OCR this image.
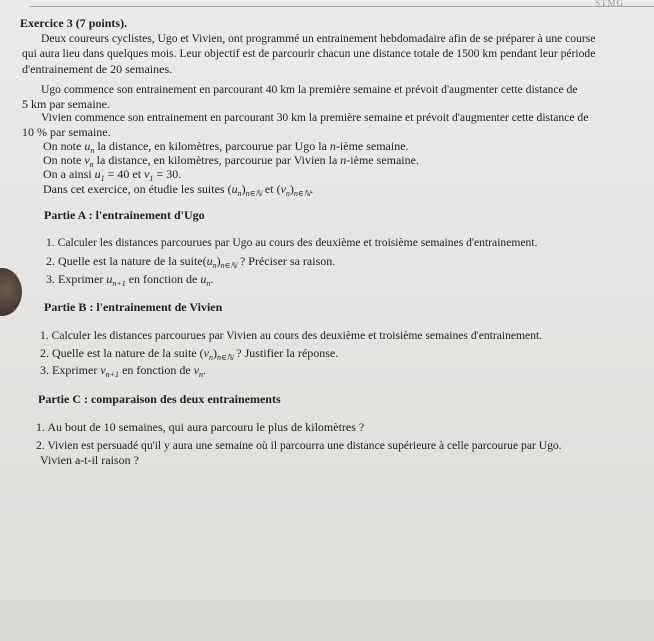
STMG
Exercice 3 (7 points).
Deux coureurs cyclistes, Ugo et Vivien, ont programmé un entrainement hebdomadaire afin de se préparer à une course
qui aura lieu dans quelques mois. Leur objectif est de parcourir chacun une distance totale de 1500 km pendant leur période
d'entrainement de 20 semaines.
Ugo commence son entrainement en parcourant 40 km la première semaine et prévoit d'augmenter cette distance de
5 km par semaine.
Vivien commence son entrainement en parcourant 30 km la première semaine et prévoit d'augmenter cette distance de
10 % par semaine.
On note $u_n$ la distance, en kilomètres, parcourue par Ugo la n-ième semaine.
On note $v_n$ la distance, en kilomètres, parcourue par Vivien la n-ième semaine.
On a ainsi $u_1 = 40$ et $v_1 = 30$.
Dans cet exercice, on étudie les suites $(u_n)_{n\in ℕ}$ et $(v_n)_{n\in ℕ}$.
Partie A : l'entrainement d'Ugo
1. Calculer les distances parcourues par Ugo au cours des deuxième et troisième semaines d'entrainement.
2. Quelle est la nature de la $suite(u_n)_{n\in ℕ}$ ? Préciser sa raison.
3. Exprimer $u_{n+1}$ en fonction de $u_n$.
Partie B : l'entrainement de Vivien
1. Calculer les distances parcourues par Vivien au cours des deuxième et troisième semaines d'entrainement.
2. Quelle est la nature de la suite $(v_n)_{n\in ℕ}$ ? Justifier la réponse.
3. Exprimer $v_{n+1}$ en fonction de $v_n$.
Partie C : comparaison des deux entrainements
1. Au bout de 10 semaines, qui aura parcouru le plus de kilomètres ?
2. Vivien est persuadé qu'il y aura une semaine où il parcourra une distance supérieure à celle parcourue par Ugo.
Vivien a-t-il raison ?
